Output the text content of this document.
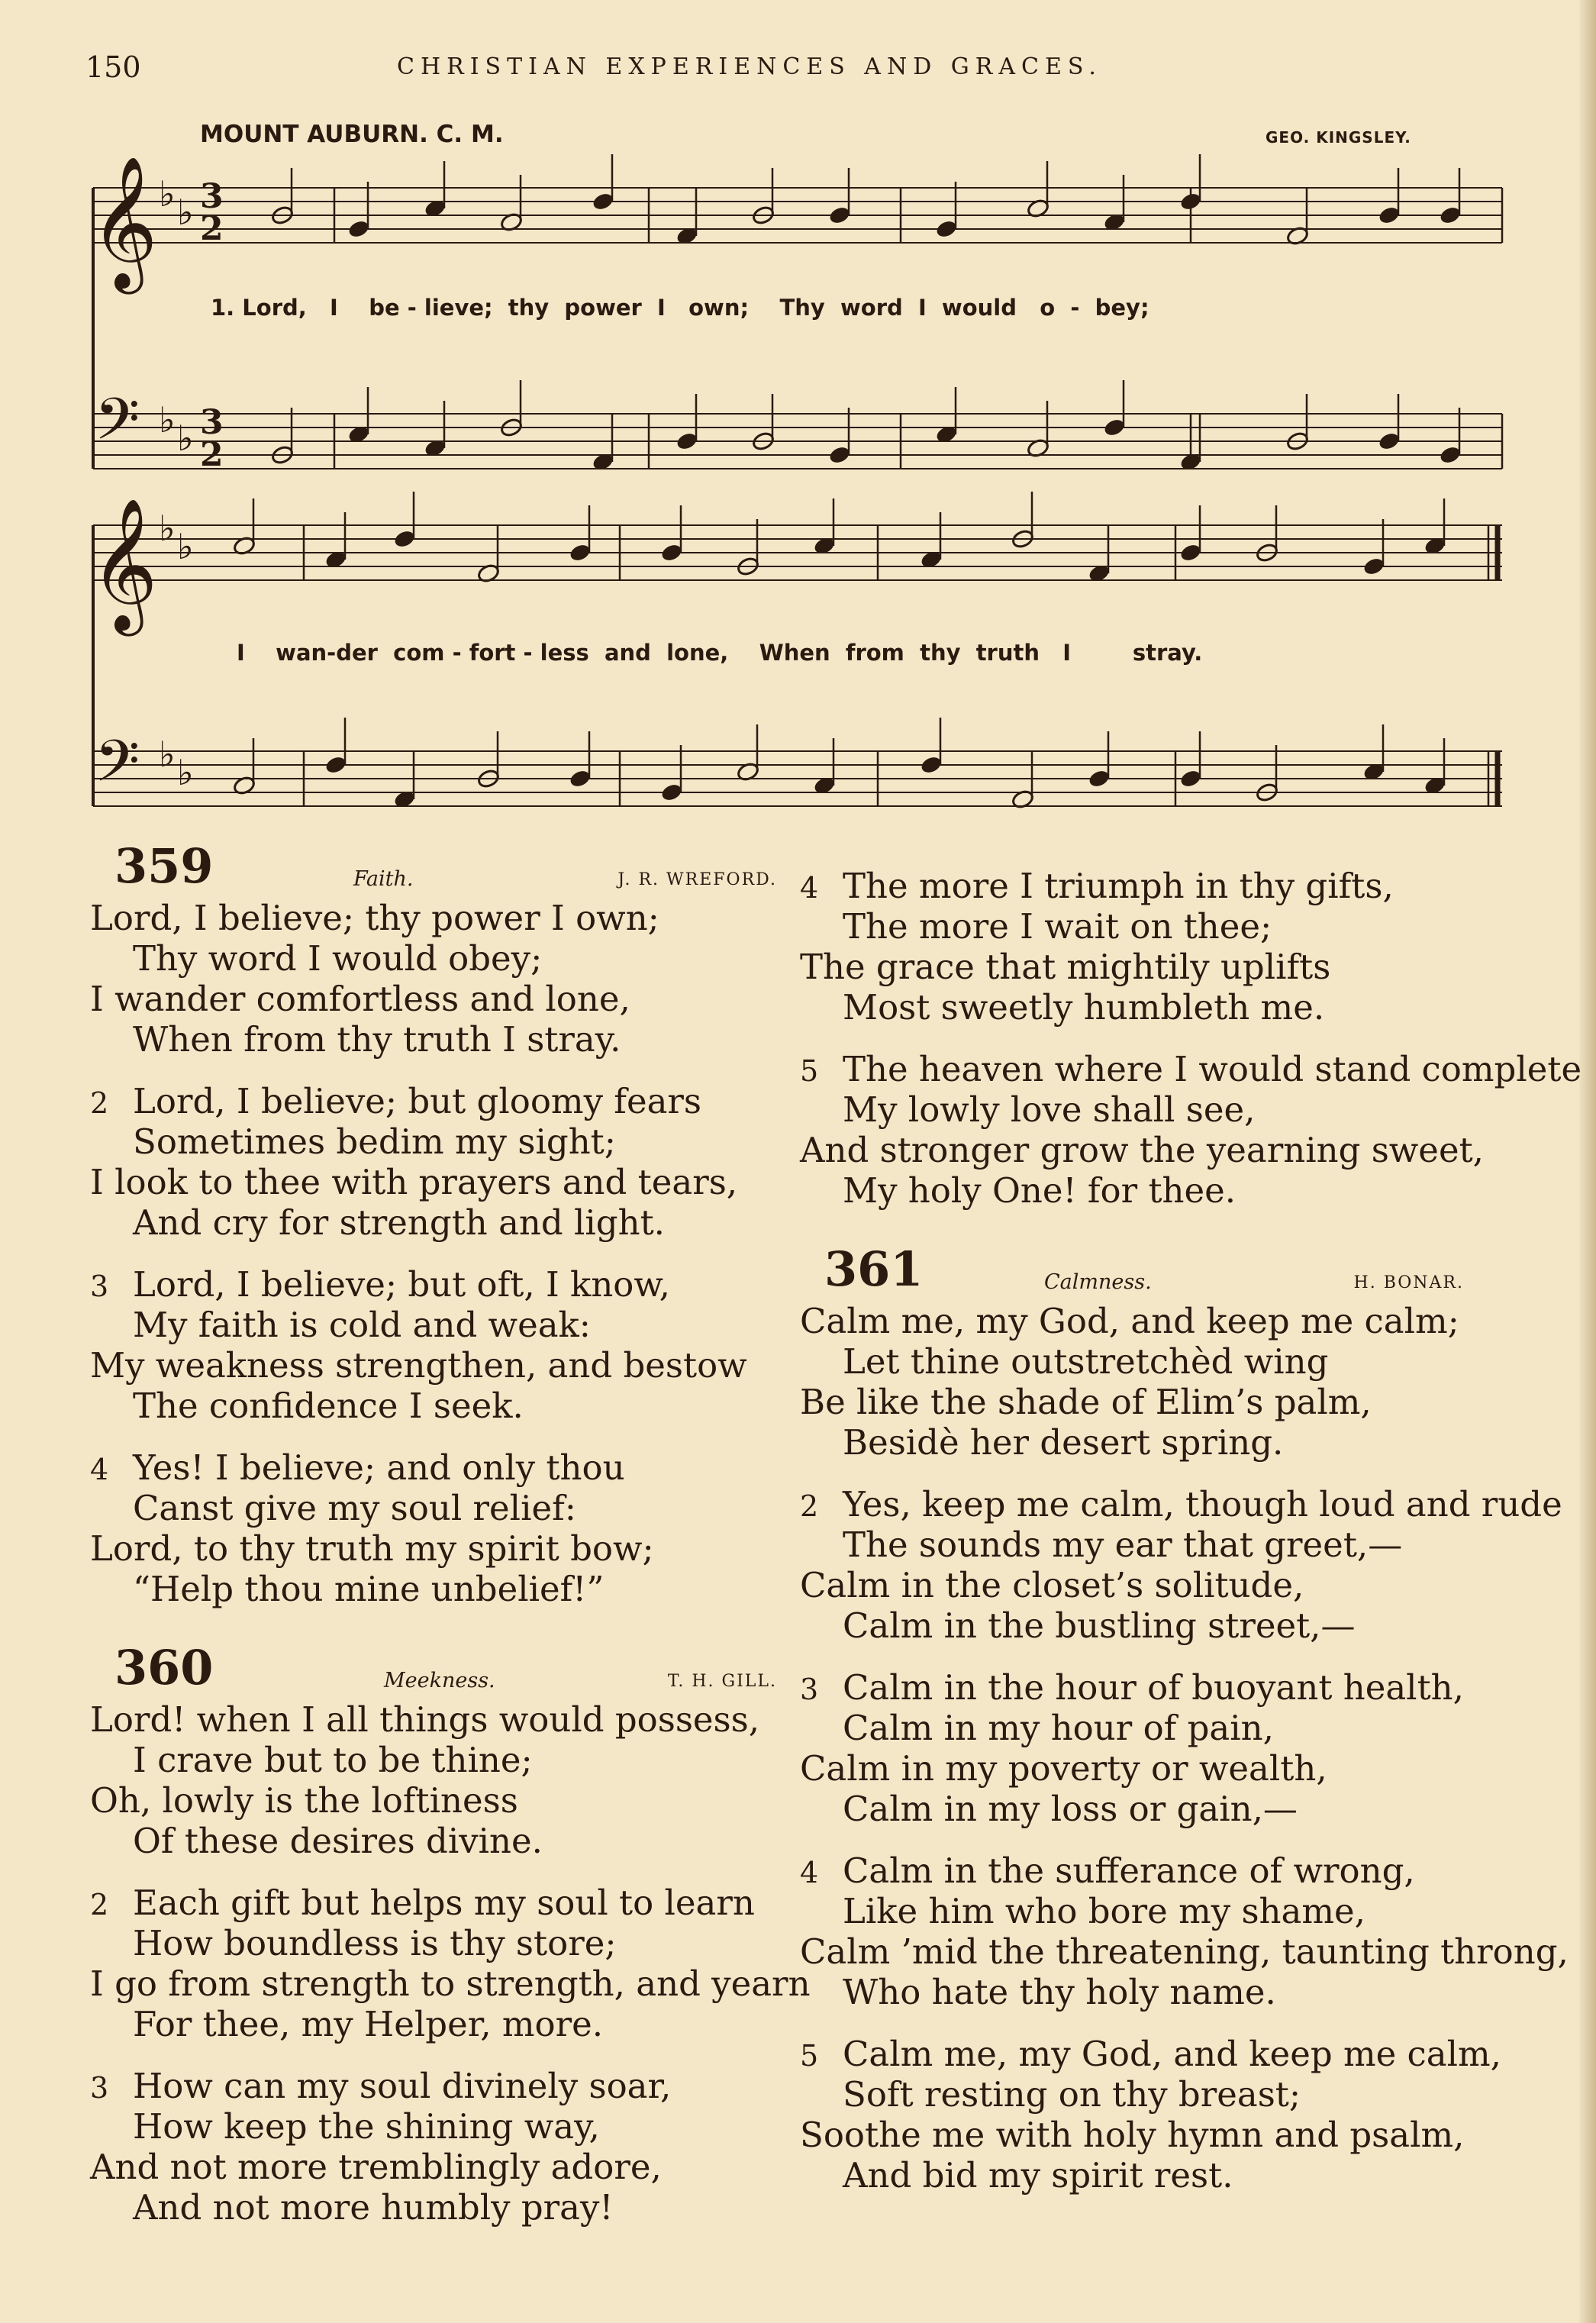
150	CHRISTIAN EXPERIENCES AND GRACES.
MOUNT AUBURN. C. M.	GEO. KINGSLEY.
𝄞
𝄞
𝄢
𝄢
♭ ♭
♭ ♭
♭ ♭
♭ ♭
3
2
3
2
1. Lord,   I    be - lieve;  thy  power  I   own;    Thy  word  I  would   o  -  bey;
I    wan-der  com - fort - less  and  lone,    When  from  thy  truth   I        stray.
359	Faith.	J. R. WREFORD.
Lord, I believe; thy power I own;
Thy word I would obey;
I wander comfortless and lone,
When from thy truth I stray.
2 Lord, I believe; but gloomy fears
Sometimes bedim my sight;
I look to thee with prayers and tears,
And cry for strength and light.
3 Lord, I believe; but oft, I know,
My faith is cold and weak:
My weakness strengthen, and bestow
The confidence I seek.
4 Yes! I believe; and only thou
Canst give my soul relief:
Lord, to thy truth my spirit bow;
“Help thou mine unbelief!”
360	Meekness.	T. H. GILL.
Lord! when I all things would possess,
I crave but to be thine;
Oh, lowly is the loftiness
Of these desires divine.
2 Each gift but helps my soul to learn
How boundless is thy store;
I go from strength to strength, and yearn
For thee, my Helper, more.
3 How can my soul divinely soar,
How keep the shining way,
And not more tremblingly adore,
And not more humbly pray!
4 The more I triumph in thy gifts,
The more I wait on thee;
The grace that mightily uplifts
Most sweetly humbleth me.
5 The heaven where I would stand complete
My lowly love shall see,
And stronger grow the yearning sweet,
My holy One! for thee.
361	Calmness.	H. BONAR.
Calm me, my God, and keep me calm;
Let thine outstretchèd wing
Be like the shade of Elim’s palm,
Besidè her desert spring.
2 Yes, keep me calm, though loud and rude
The sounds my ear that greet,—
Calm in the closet’s solitude,
Calm in the bustling street,—
3 Calm in the hour of buoyant health,
Calm in my hour of pain,
Calm in my poverty or wealth,
Calm in my loss or gain,—
4 Calm in the sufferance of wrong,
Like him who bore my shame,
Calm ’mid the threatening, taunting throng,
Who hate thy holy name.
5 Calm me, my God, and keep me calm,
Soft resting on thy breast;
Soothe me with holy hymn and psalm,
And bid my spirit rest.
